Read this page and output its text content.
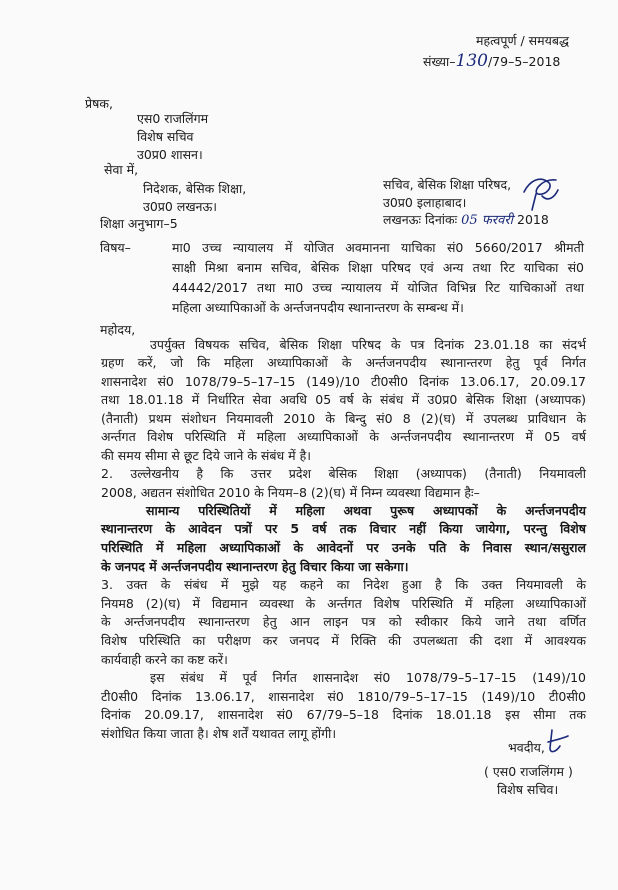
महत्वपूर्ण / समयबद्ध
संख्या–130/79–5–2018
प्रेषक,
एस0 राजलिंगम
विशेष सचिव
उ0प्र0 शासन।
सेवा में,
निदेशक, बेसिक शिक्षा,
उ0प्र0 लखनऊ।
सचिव, बेसिक शिक्षा परिषद,
उ0प्र0 इलाहाबाद।
शिक्षा अनुभाग–5	लखनऊः दिनांकः 05 फरवरी 2018
विषय–	मा0 उच्च न्यायालय में योजित अवमानना याचिका सं0 5660/2017 श्रीमती
साक्षी मिश्रा बनाम सचिव, बेसिक शिक्षा परिषद एवं अन्य तथा रिट याचिका सं0
44442/2017 तथा मा0 उच्च न्यायालय में योजित विभिन्न रिट याचिकाओं तथा
महिला अध्यापिकाओं के अर्न्तजनपदीय स्थानान्तरण के सम्बन्ध में।
महोदय,
उपर्युक्त विषयक सचिव, बेसिक शिक्षा परिषद के पत्र दिनांक 23.01.18 का संदर्भ
ग्रहण करें, जो कि महिला अध्यापिकाओं के अर्न्तजनपदीय स्थानान्तरण हेतु पूर्व निर्गत
शासनादेश सं0 1078/79–5–17–15 (149)/10 टी0सी0 दिनांक 13.06.17, 20.09.17
तथा 18.01.18 में निर्धारित सेवा अवधि 05 वर्ष के संबंध में उ0प्र0 बेसिक शिक्षा (अध्यापक)
(तैनाती) प्रथम संशोधन नियमावली 2010 के बिन्दु सं0 8 (2)(घ) में उपलब्ध प्राविधान के
अर्न्तगत विशेष परिस्थिति में महिला अध्यापिकाओं के अर्न्तजनपदीय स्थानान्तरण में 05 वर्ष
की समय सीमा से छूट दिये जाने के संबंध में है।
2. उल्लेखनीय है कि उत्तर प्रदेश बेसिक शिक्षा (अध्यापक) (तैनाती) नियमावली
2008, अद्यतन संशोधित 2010 के नियम–8 (2)(घ) में निम्न व्यवस्था विद्यमान हैः–
सामान्य परिस्थितियों में महिला अथवा पुरूष अध्यापकों के अर्न्तजनपदीय
स्थानान्तरण के आवेदन पत्रों पर 5 वर्ष तक विचार नहीं किया जायेगा, परन्तु विशेष
परिस्थिति में महिला अध्यापिकाओं के आवेदनों पर उनके पति के निवास स्थान/ससुराल
के जनपद में अर्न्तजनपदीय स्थानान्तरण हेतु विचार किया जा सकेगा।
3. उक्त के संबंध में मुझे यह कहने का निदेश हुआ है कि उक्त नियमावली के
नियम8 (2)(घ) में विद्यमान व्यवस्था के अर्न्तगत विशेष परिस्थिति में महिला अध्यापिकाओं
के अर्न्तजनपदीय स्थानान्तरण हेतु आन लाइन पत्र को स्वीकार किये जाने तथा वर्णित
विशेष परिस्थिति का परीक्षण कर जनपद में रिक्ति की उपलब्धता की दशा में आवश्यक
कार्यवाही करने का कष्ट करें।
इस संबंध में पूर्व निर्गत शासनादेश सं0 1078/79–5–17–15 (149)/10
टी0सी0 दिनांक 13.06.17, शासनादेश सं0 1810/79–5–17–15 (149)/10 टी0सी0
दिनांक 20.09.17, शासनादेश सं0 67/79–5–18 दिनांक 18.01.18 इस सीमा तक
संशोधित किया जाता है। शेष शर्तें यथावत लागू होंगी।
भवदीय,
( एस0 राजलिंगम )
विशेष सचिव।
